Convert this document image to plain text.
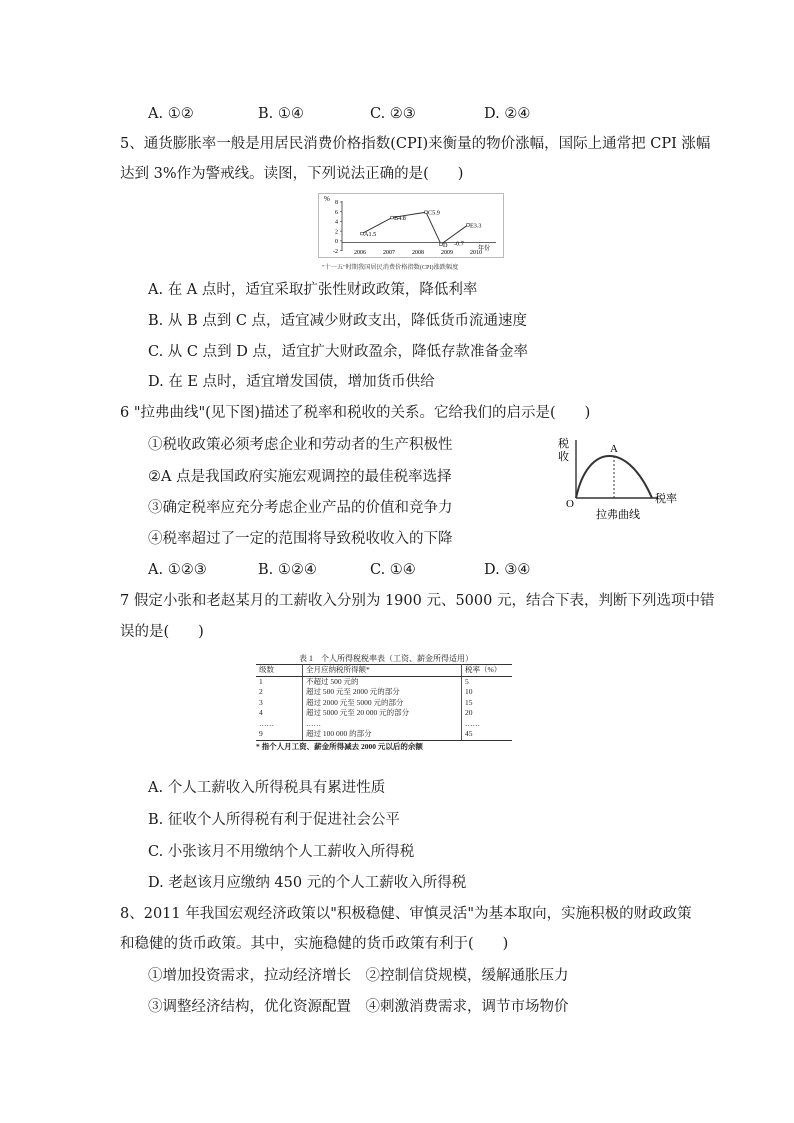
A. ①②	B. ①④	C. ②③	D. ②④
5、通货膨胀率一般是用居民消费价格指数(CPI)来衡量的物价涨幅，国际上通常把 CPI 涨幅
达到 3%作为警戒线。读图，下列说法正确的是(　　)
%
8
6
4
2
0
-2	2006	2007	2008	2009	2010
年份
A1.5
B4.8
C5.9
D -0.7
E3.3
"十一五"时期我国居民消费价格指数(CPI)涨跌幅度
A. 在 A 点时，适宜采取扩张性财政政策，降低利率
B. 从 B 点到 C 点，适宜减少财政支出，降低货币流通速度
C. 从 C 点到 D 点，适宜扩大财政盈余，降低存款准备金率
D. 在 E 点时，适宜增发国债，增加货币供给
6 "拉弗曲线"(见下图)描述了税率和税收的关系。它给我们的启示是(　　)
①税收政策必须考虑企业和劳动者的生产积极性
②A 点是我国政府实施宏观调控的最佳税率选择
③确定税率应充分考虑企业产品的价值和竞争力
④税率超过了一定的范围将导致税收收入的下降
税
收
A
O	税率
拉弗曲线
A. ①②③	B. ①②④	C. ①④	D. ③④
7 假定小张和老赵某月的工薪收入分别为 1900 元、5000 元，结合下表，判断下列选项中错
误的是(　　)
表 1　个人所得税税率表（工资、薪金所得适用）
级数	全月应纳税所得额*	税率（%）
1	不超过 500 元的	5
2	超过 500 元至 2000 元的部分	10
3	超过 2000 元至 5000 元的部分	15
4	超过 5000 元至 20 000 元的部分	20
……	……	……
9	超过 100 000 的部分	45
* 指个人月工资、薪金所得减去 2000 元以后的余额
A. 个人工薪收入所得税具有累进性质
B. 征收个人所得税有利于促进社会公平
C. 小张该月不用缴纳个人工薪收入所得税
D. 老赵该月应缴纳 450 元的个人工薪收入所得税
8、2011 年我国宏观经济政策以"积极稳健、审慎灵活"为基本取向，实施积极的财政政策
和稳健的货币政策。其中，实施稳健的货币政策有利于(　　)
①增加投资需求，拉动经济增长　②控制信贷规模，缓解通胀压力
③调整经济结构，优化资源配置　④刺激消费需求，调节市场物价
